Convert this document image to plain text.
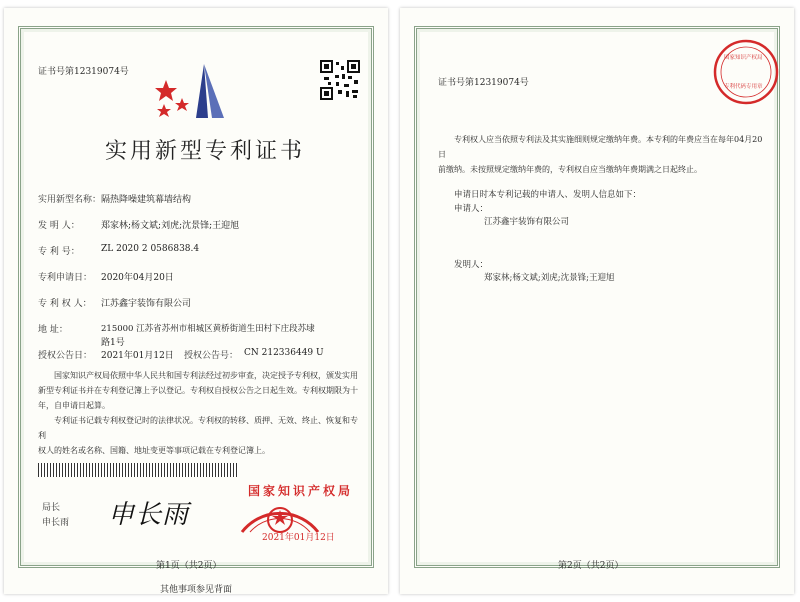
证书号第12319074号
实用新型专利证书
实用新型名称： 隔热降噪建筑幕墙结构
发 明 人： 郑家林;杨文斌;刘虎;沈景锋;王迎旭
专 利 号： ZL 2020 2 0586838.4
专利申请日： 2020年04月20日
专 利 权 人： 江苏鑫宇装饰有限公司
地 址：	215000 江苏省苏州市相城区黄桥街道生田村下庄段苏埭
路1号
授权公告日： 2021年01月12日 授权公告号： CN 212336449 U
国家知识产权局依照中华人民共和国专利法经过初步审查，决定授予专利权，颁发实用
新型专利证书并在专利登记簿上予以登记。专利权自授权公告之日起生效。专利权期限为十
年，自申请日起算。
专利证书记载专利权登记时的法律状况。专利权的转移、质押、无效、终止、恢复和专利
权人的姓名或名称、国籍、地址变更等事项记载在专利登记簿上。
局长
申长雨 申长雨
国家知识产权局
2021年01月12日
第1页（共2页）
其他事项参见背面
证书号第12319074号
国家知识产权局
专利代码专用章
专利权人应当依照专利法及其实施细则规定缴纳年费。本专利的年费应当在每年04月20日
前缴纳。未按照规定缴纳年费的，专利权自应当缴纳年费期满之日起终止。
申请日时本专利记载的申请人、发明人信息如下：
申请人：
江苏鑫宇装饰有限公司
发明人：
郑家林;杨文斌;刘虎;沈景锋;王迎旭
第2页（共2页）
